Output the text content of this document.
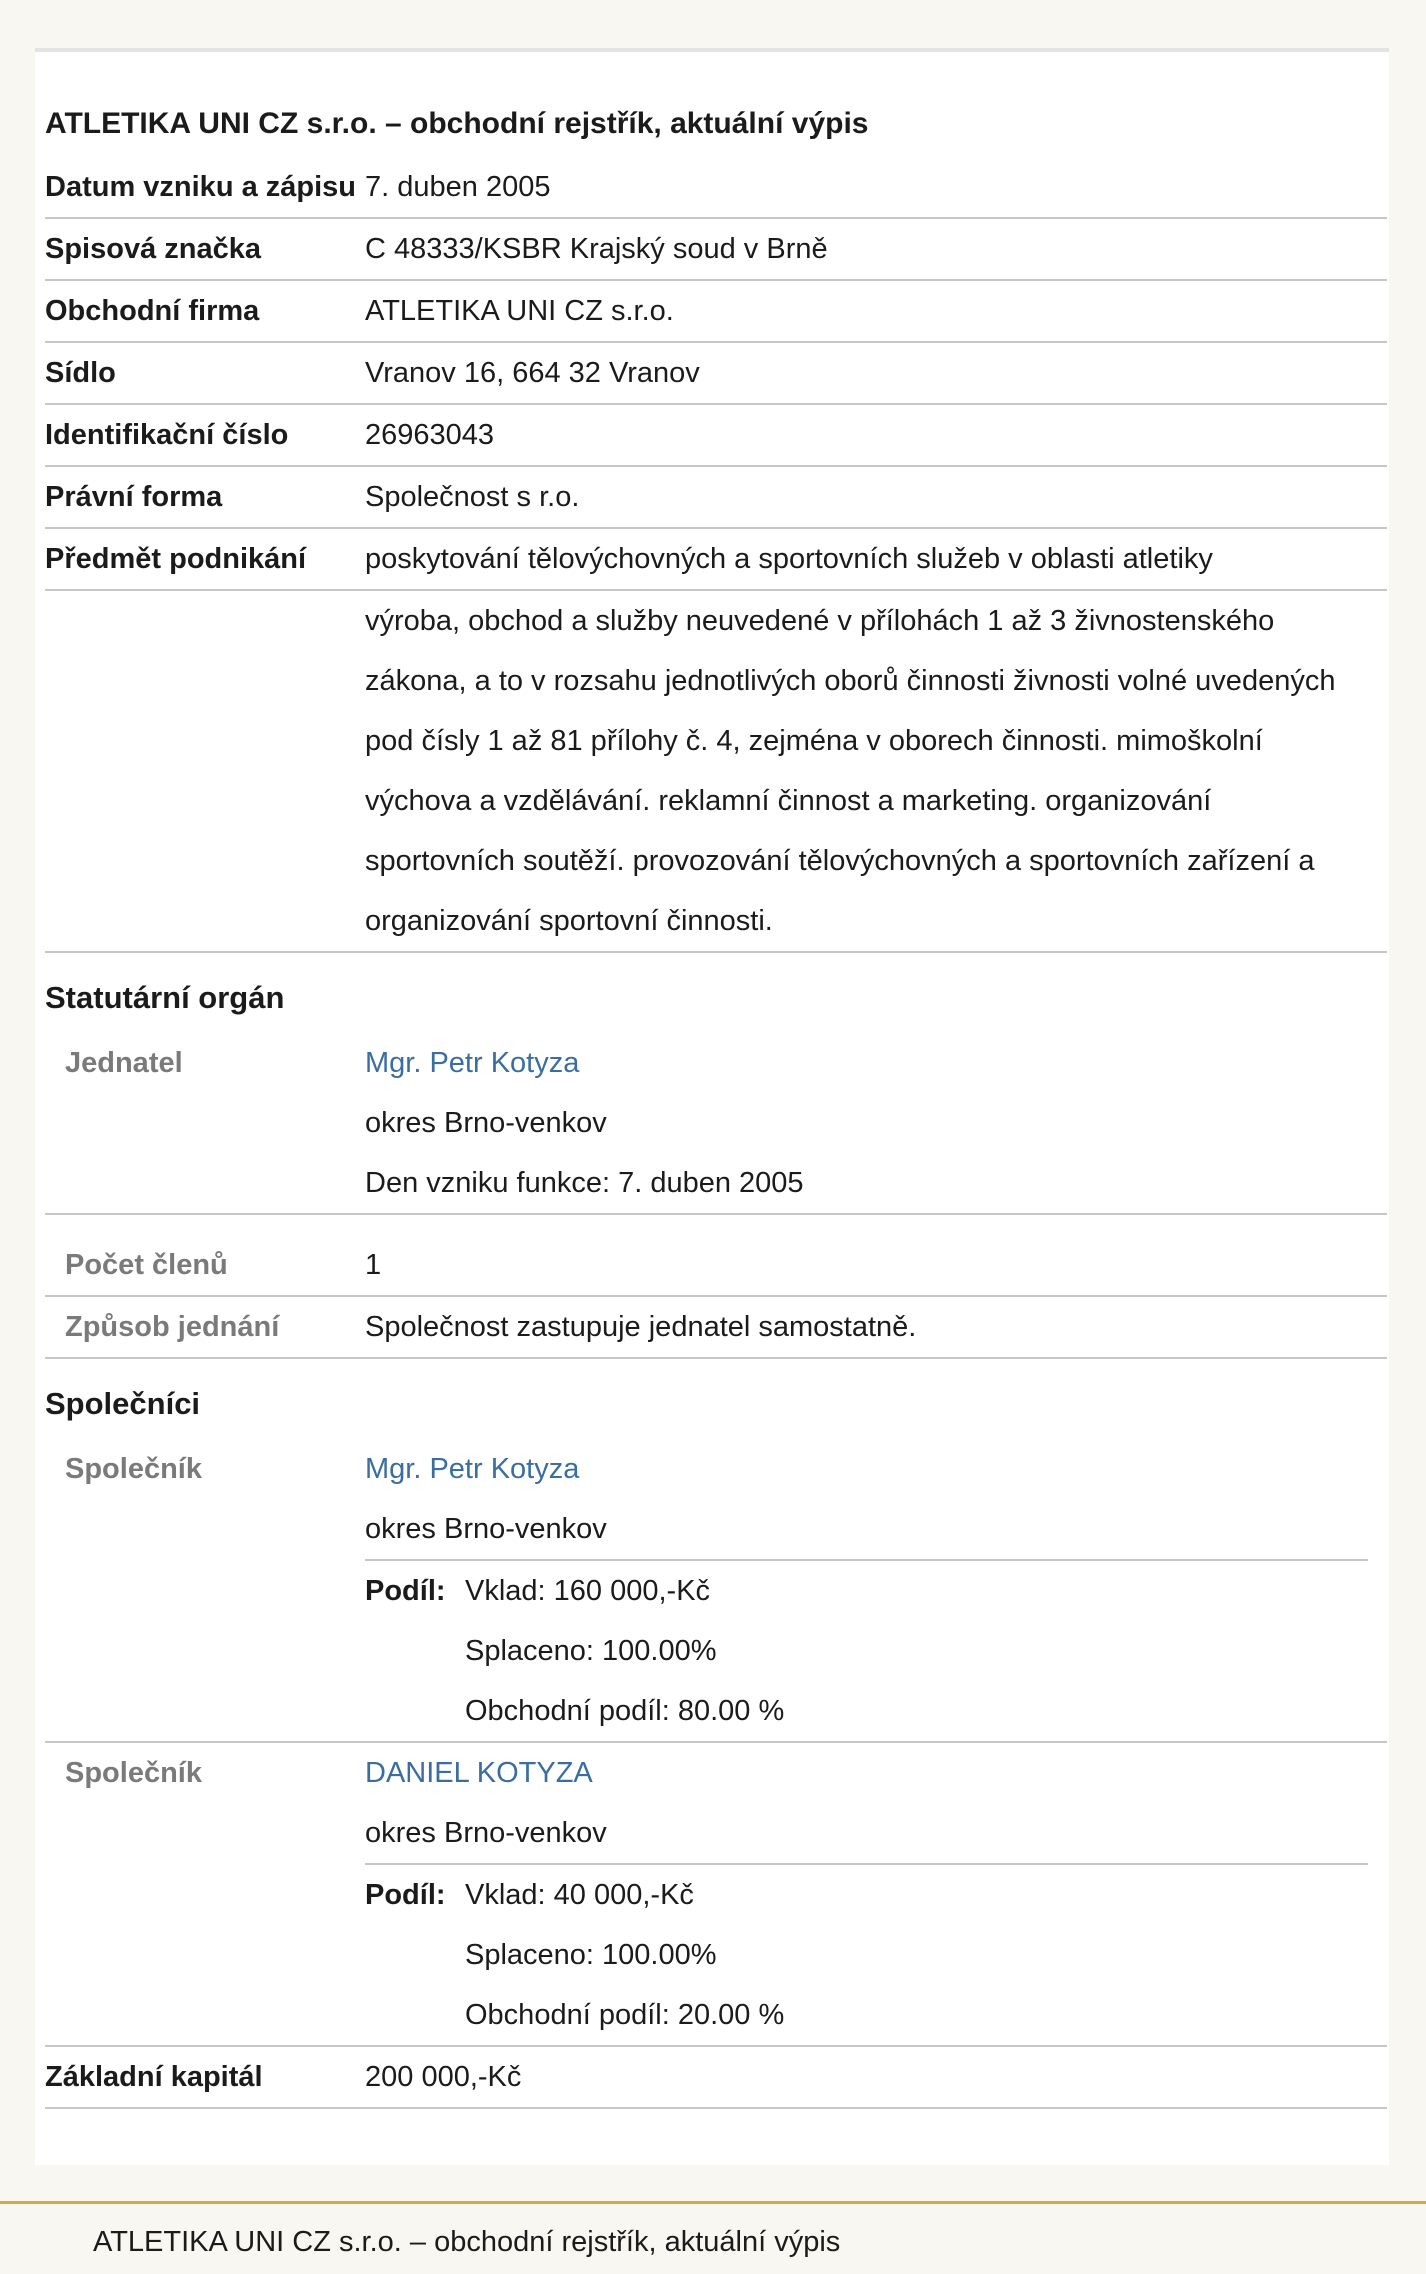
ATLETIKA UNI CZ s.r.o. – obchodní rejstřík, aktuální výpis
Datum vzniku a zápisu 7. duben 2005
Spisová značka	C 48333/KSBR Krajský soud v Brně
Obchodní firma	ATLETIKA UNI CZ s.r.o.
Sídlo	Vranov 16, 664 32 Vranov
Identifikační číslo	26963043
Právní forma	Společnost s r.o.
Předmět podnikání	poskytování tělovýchovných a sportovních služeb v oblasti atletiky
výroba, obchod a služby neuvedené v přílohách 1 až 3 živnostenského
zákona, a to v rozsahu jednotlivých oborů činnosti živnosti volné uvedených
pod čísly 1 až 81 přílohy č. 4, zejména v oborech činnosti. mimoškolní
výchova a vzdělávání. reklamní činnost a marketing. organizování
sportovních soutěží. provozování tělovýchovných a sportovních zařízení a
organizování sportovní činnosti.
Statutární orgán
Jednatel	Mgr. Petr Kotyza
okres Brno-venkov
Den vzniku funkce: 7. duben 2005
Počet členů	1
Způsob jednání	Společnost zastupuje jednatel samostatně.
Společníci
Společník	Mgr. Petr Kotyza
okres Brno-venkov
Podíl: Vklad: 160 000,-Kč
Splaceno: 100.00%
Obchodní podíl: 80.00 %
Společník	DANIEL KOTYZA
okres Brno-venkov
Podíl: Vklad: 40 000,-Kč
Splaceno: 100.00%
Obchodní podíl: 20.00 %
Základní kapitál	200 000,-Kč
ATLETIKA UNI CZ s.r.o. – obchodní rejstřík, aktuální výpis
